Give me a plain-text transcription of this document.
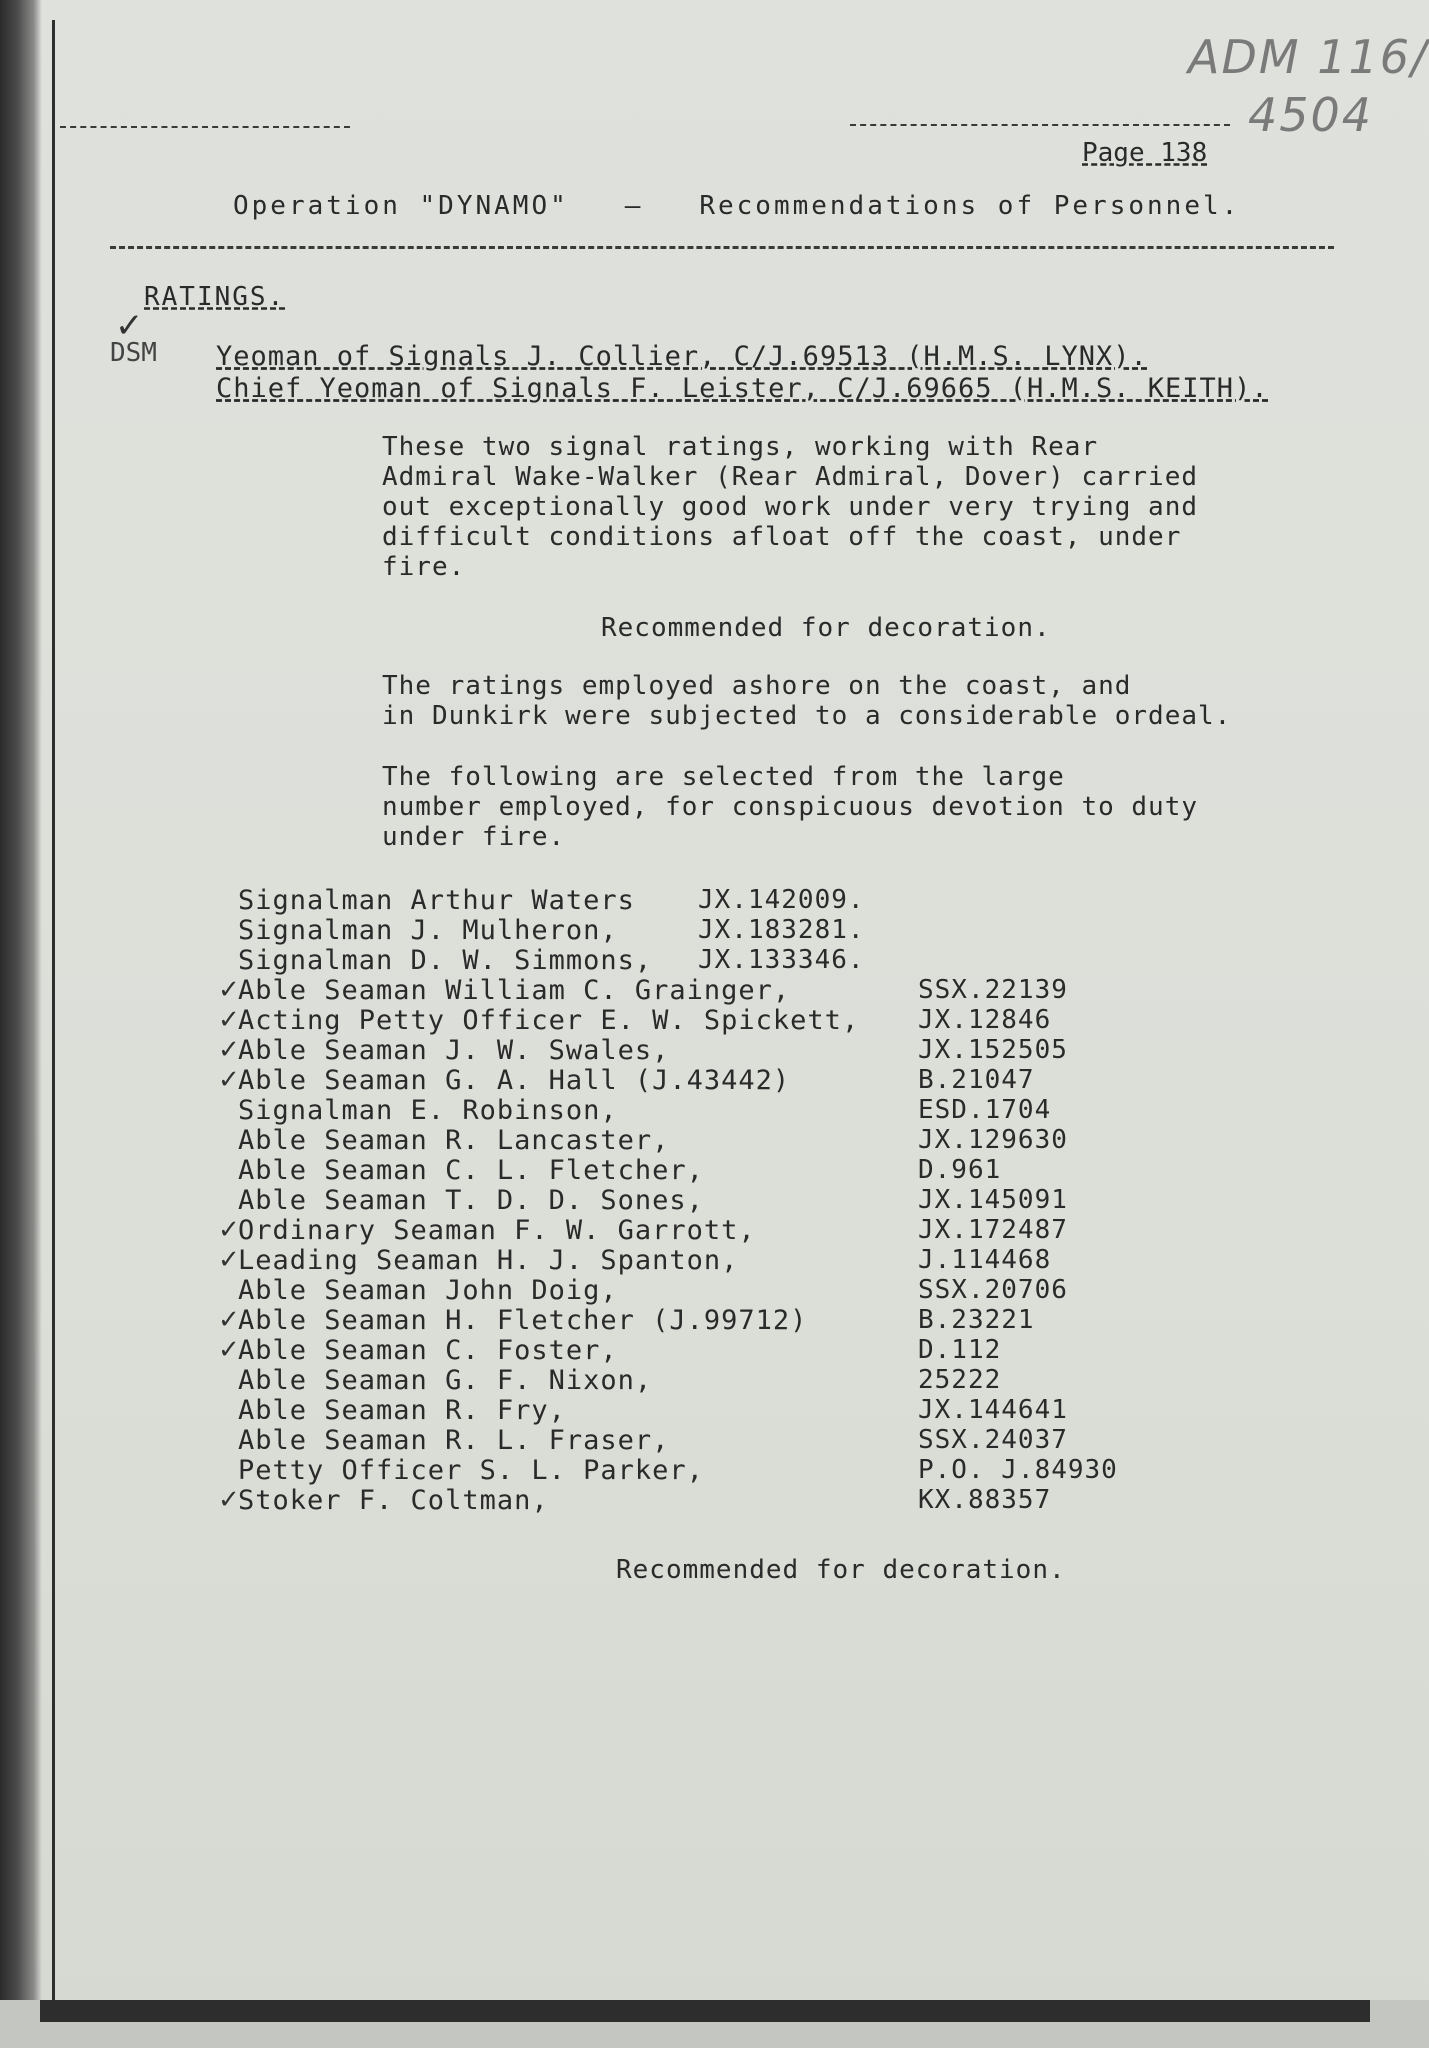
ADM 116/
4504
Page 138
Operation "DYNAMO"   —   Recommendations of Personnel.
RATINGS.
✓
DSM Yeoman of Signals J. Collier, C/J.69513 (H.M.S. LYNX).
Chief Yeoman of Signals F. Leister, C/J.69665 (H.M.S. KEITH).
These two signal ratings, working with Rear
Admiral Wake-Walker (Rear Admiral, Dover) carried
out exceptionally good work under very trying and
difficult conditions afloat off the coast, under
fire.
Recommended for decoration.
The ratings employed ashore on the coast, and
in Dunkirk were subjected to a considerable ordeal.
The following are selected from the large
number employed, for conspicuous devotion to duty
under fire.
Signalman Arthur Waters JX.142009.
Signalman J. Mulheron,	JX.183281.
Signalman D. W. Simmons, JX.133346.
Able Seaman William C. Grainger,	SSX.22139
Acting Petty Officer E. W. Spickett, JX.12846
Able Seaman J. W. Swales,	JX.152505
Able Seaman G. A. Hall (J.43442)	B.21047
Signalman E. Robinson,	ESD.1704
Able Seaman R. Lancaster,	JX.129630
Able Seaman C. L. Fletcher,	D.961
Able Seaman T. D. D. Sones,	JX.145091
Ordinary Seaman F. W. Garrott,	JX.172487
Leading Seaman H. J. Spanton,	J.114468
Able Seaman John Doig,	SSX.20706
Able Seaman H. Fletcher (J.99712)	B.23221
Able Seaman C. Foster,	D.112
Able Seaman G. F. Nixon,	25222
Able Seaman R. Fry,	JX.144641
Able Seaman R. L. Fraser,	SSX.24037
Petty Officer S. L. Parker,	P.O. J.84930
Stoker F. Coltman,	KX.88357
✓
✓
✓
✓
✓
✓
✓
✓
✓
Recommended for decoration.
